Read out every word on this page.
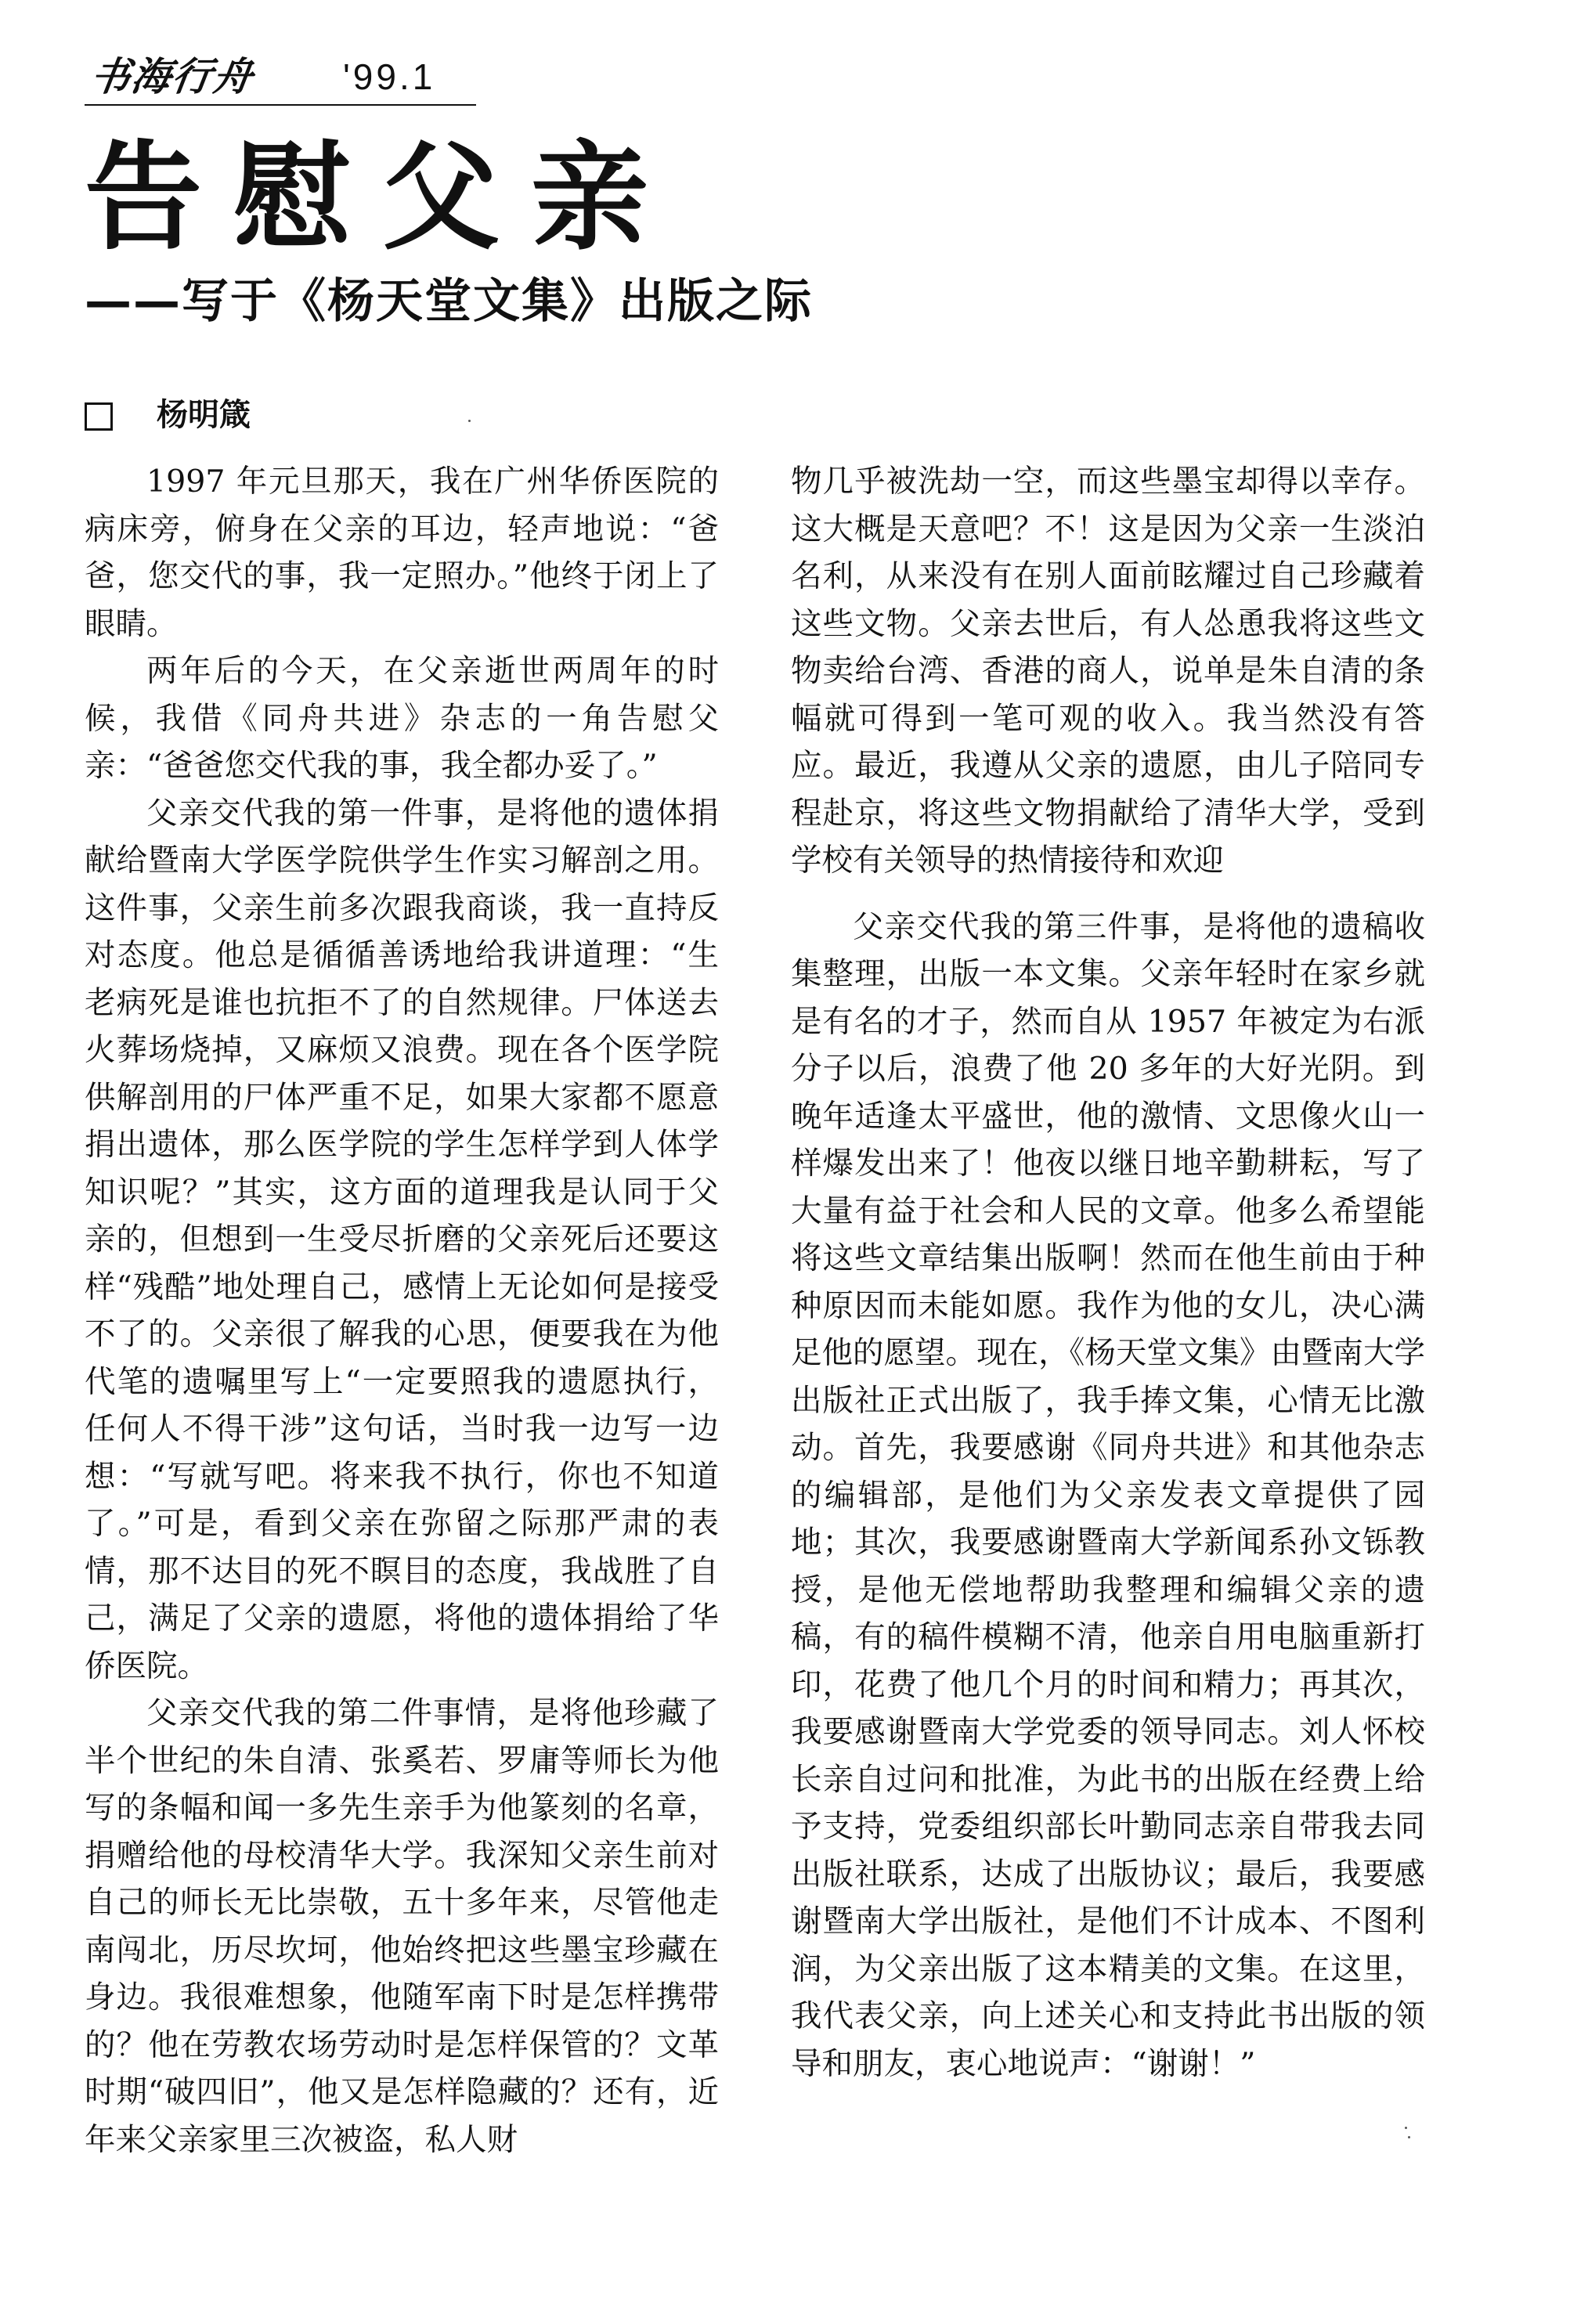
书海行舟 '99.1
告慰父亲
——写于《杨天堂文集》出版之际
杨明箴

1997 年元旦那天，我在广州华侨医院的病床旁，俯身在父亲的耳边，轻声地说：“爸爸，您交代的事，我一定照办。”他终于闭上了眼睛。

两年后的今天，在父亲逝世两周年的时候，我借《同舟共进》杂志的一角告慰父亲：“爸爸您交代我的事，我全都办妥了。”

父亲交代我的第一件事，是将他的遗体捐献给暨南大学医学院供学生作实习解剖之用。这件事，父亲生前多次跟我商谈，我一直持反对态度。他总是循循善诱地给我讲道理：“生老病死是谁也抗拒不了的自然规律。尸体送去火葬场烧掉，又麻烦又浪费。现在各个医学院供解剖用的尸体严重不足，如果大家都不愿意捐出遗体，那么医学院的学生怎样学到人体学知识呢？”其实，这方面的道理我是认同于父亲的，但想到一生受尽折磨的父亲死后还要这样“残酷”地处理自己，感情上无论如何是接受不了的。父亲很了解我的心思，便要我在为他代笔的遗嘱里写上“一定要照我的遗愿执行，任何人不得干涉”这句话，当时我一边写一边想：“写就写吧。将来我不执行，你也不知道了。”可是，看到父亲在弥留之际那严肃的表情，那不达目的死不瞑目的态度，我战胜了自己，满足了父亲的遗愿，将他的遗体捐给了华侨医院。

父亲交代我的第二件事情，是将他珍藏了半个世纪的朱自清、张奚若、罗庸等师长为他写的条幅和闻一多先生亲手为他篆刻的名章，捐赠给他的母校清华大学。我深知父亲生前对自己的师长无比崇敬，五十多年来，尽管他走南闯北，历尽坎坷，他始终把这些墨宝珍藏在身边。我很难想象，他随军南下时是怎样携带的？他在劳教农场劳动时是怎样保管的？文革时期“破四旧”，他又是怎样隐藏的？还有，近年来父亲家里三次被盗，私人财

物几乎被洗劫一空，而这些墨宝却得以幸存。这大概是天意吧？不！这是因为父亲一生淡泊名利，从来没有在别人面前眩耀过自己珍藏着这些文物。父亲去世后，有人怂恿我将这些文物卖给台湾、香港的商人，说单是朱自清的条幅就可得到一笔可观的收入。我当然没有答应。最近，我遵从父亲的遗愿，由儿子陪同专程赴京，将这些文物捐献给了清华大学，受到学校有关领导的热情接待和欢迎

父亲交代我的第三件事，是将他的遗稿收集整理，出版一本文集。父亲年轻时在家乡就是有名的才子，然而自从 1957 年被定为右派分子以后，浪费了他 20 多年的大好光阴。到晚年适逢太平盛世，他的激情、文思像火山一样爆发出来了！他夜以继日地辛勤耕耘，写了大量有益于社会和人民的文章。他多么希望能将这些文章结集出版啊！然而在他生前由于种种原因而未能如愿。我作为他的女儿，决心满足他的愿望。现在，《杨天堂文集》由暨南大学出版社正式出版了，我手捧文集，心情无比激动。首先，我要感谢《同舟共进》和其他杂志的编辑部，是他们为父亲发表文章提供了园地；其次，我要感谢暨南大学新闻系孙文铄教授，是他无偿地帮助我整理和编辑父亲的遗稿，有的稿件模糊不清，他亲自用电脑重新打印，花费了他几个月的时间和精力；再其次，我要感谢暨南大学党委的领导同志。刘人怀校长亲自过问和批准，为此书的出版在经费上给予支持，党委组织部长叶勤同志亲自带我去同出版社联系，达成了出版协议；最后，我要感谢暨南大学出版社，是他们不计成本、不图利润，为父亲出版了这本精美的文集。在这里，我代表父亲，向上述关心和支持此书出版的领导和朋友，衷心地说声：“谢谢！”
